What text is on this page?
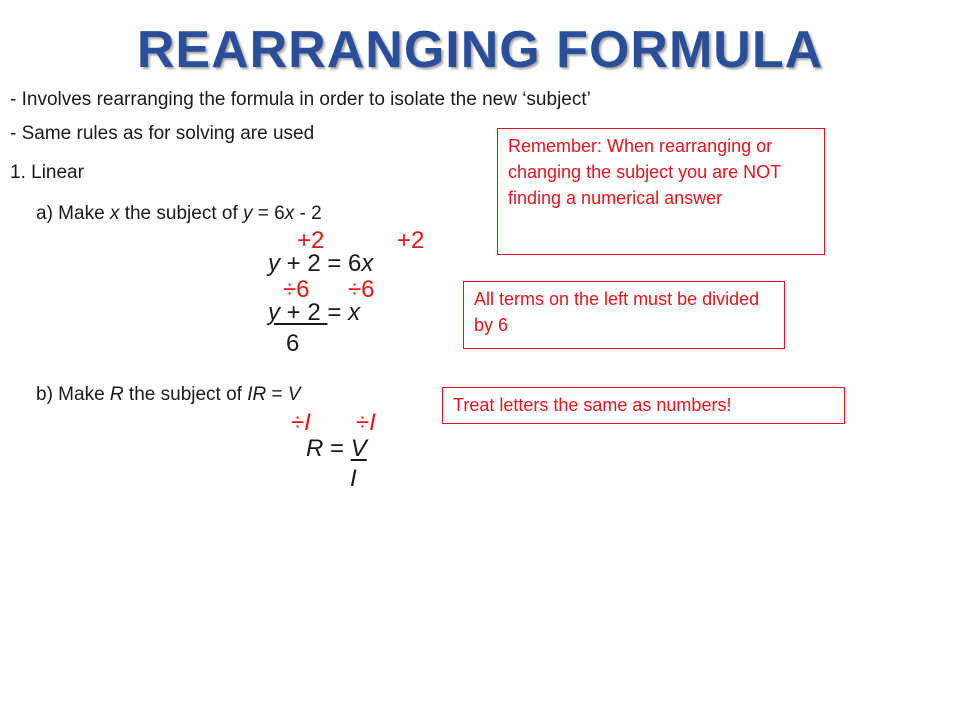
REARRANGING FORMULA
- Involves rearranging the formula in order to isolate the new ‘subject’
- Same rules as for solving are used
1. Linear
a) Make x the subject of y = 6x - 2
+2	+2
y + 2 = 6x
÷6 ÷6
y + 2 = x
6
b) Make R the subject of IR = V
÷I ÷I
R = V
I
Remember: When rearranging or changing the subject you are NOT finding a numerical answer
All terms on the left must be divided by 6
Treat letters the same as numbers!
